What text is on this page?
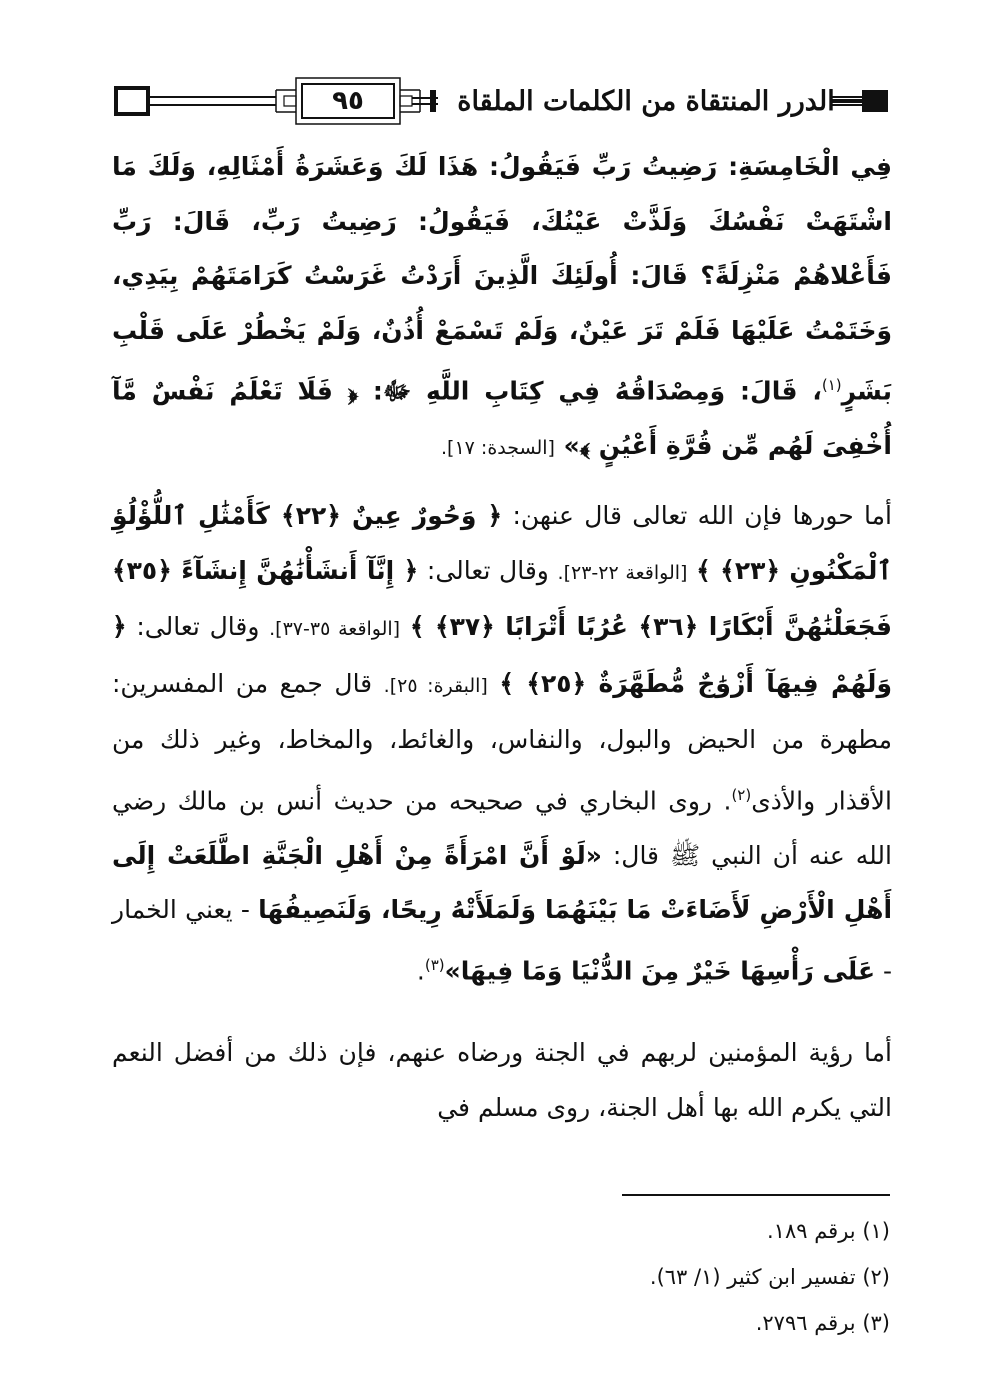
٩٥	الدرر المنتقاة من الكلمات الملقاة

فِي الْخَامِسَةِ: رَضِيتُ رَبِّ فَيَقُولُ: هَذَا لَكَ وَعَشَرَةُ أَمْثَالِهِ، وَلَكَ مَا اشْتَهَتْ نَفْسُكَ وَلَذَّتْ عَيْنُكَ، فَيَقُولُ: رَضِيتُ رَبِّ، قَالَ: رَبِّ فَأَعْلاهُمْ مَنْزِلَةً؟ قَالَ: أُولَئِكَ الَّذِينَ أَرَدْتُ غَرَسْتُ كَرَامَتَهُمْ بِيَدِي، وَخَتَمْتُ عَلَيْهَا فَلَمْ تَرَ عَيْنٌ، وَلَمْ تَسْمَعْ أُذُنٌ، وَلَمْ يَخْطُرْ عَلَى قَلْبِ بَشَرٍ$^{(١)}$، قَالَ: وَمِصْدَاقُهُ فِي كِتَابِ اللَّهِ ﷻ: ﴿ فَلَا تَعْلَمُ نَفْسٌ مَّآ أُخْفِىَ لَهُم مِّن قُرَّةِ أَعْيُنٍ ﴾» [السجدة: ١٧].

أما حورها فإن الله تعالى قال عنهن: ﴿ وَحُورٌ عِينٌ ﴿٢٢﴾ كَأَمْثَٰلِ ٱللُّؤْلُؤِ ٱلْمَكْنُونِ ﴿٢٣﴾ ﴾ [الواقعة ٢٢-٢٣]. وقال تعالى: ﴿ إِنَّآ أَنشَأْنَٰهُنَّ إِنشَآءً ﴿٣٥﴾ فَجَعَلْنَٰهُنَّ أَبْكَارًا ﴿٣٦﴾ عُرُبًا أَتْرَابًا ﴿٣٧﴾ ﴾ [الواقعة ٣٥-٣٧]. وقال تعالى: ﴿ وَلَهُمْ فِيهَآ أَزْوَٰجٌ مُّطَهَّرَةٌ ﴿٢٥﴾ ﴾ [البقرة: ٢٥]. قال جمع من المفسرين: مطهرة من الحيض والبول، والنفاس، والغائط، والمخاط، وغير ذلك من الأقذار والأذى$^{(٢)}$. روى البخاري في صحيحه من حديث أنس بن مالك رضي الله عنه أن النبي ﷺ قال: «لَوْ أَنَّ امْرَأَةً مِنْ أَهْلِ الْجَنَّةِ اطَّلَعَتْ إِلَى أَهْلِ الْأَرْضِ لَأَضَاءَتْ مَا بَيْنَهُمَا وَلَمَلَأَتْهُ رِيحًا، وَلَنَصِيفُهَا - يعني الخمار - عَلَى رَأْسِهَا خَيْرٌ مِنَ الدُّنْيَا وَمَا فِيهَا»$^{(٣)}$.

أما رؤية المؤمنين لربهم في الجنة ورضاه عنهم، فإن ذلك من أفضل النعم التي يكرم الله بها أهل الجنة، روى مسلم في

(١) برقم ١٨٩.

(٢) تفسير ابن كثير (١/ ٦٣).

(٣) برقم ٢٧٩٦.
